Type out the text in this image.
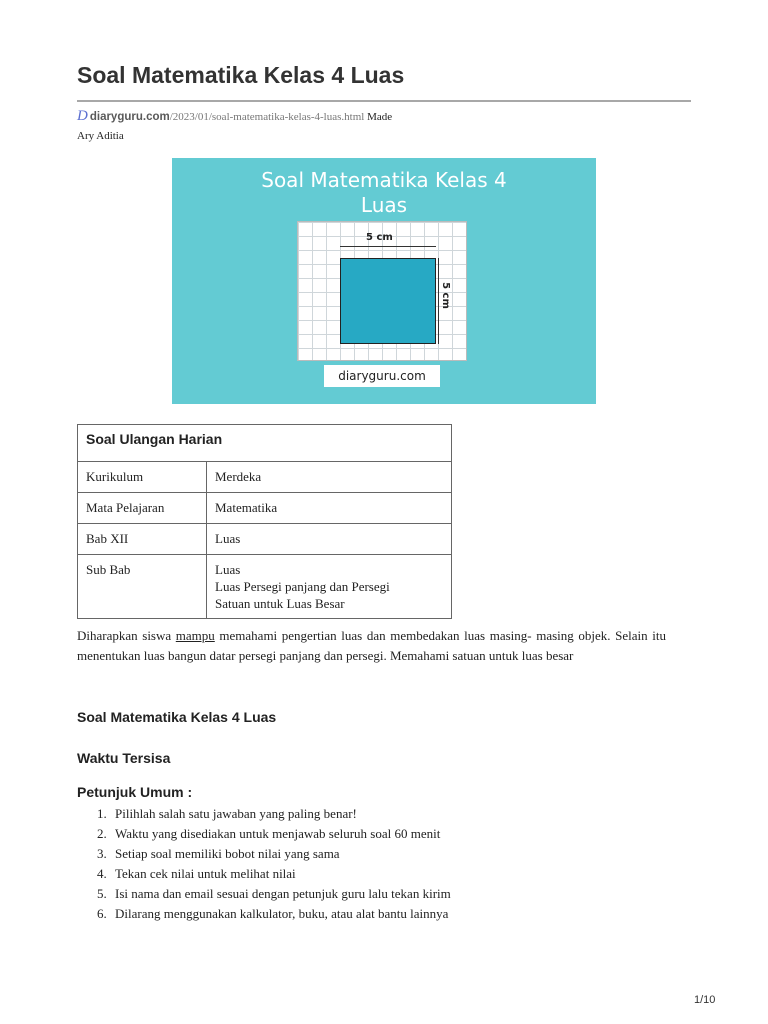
Soal Matematika Kelas 4 Luas
D diaryguru.com/2023/01/soal-matematika-kelas-4-luas.html Made
Ary Aditia
Soal Matematika Kelas 4
Luas
5 cm
5 cm
diaryguru.com
Soal Ulangan Harian	
Kurikulum	Merdeka
Mata Pelajaran	Matematika
Bab XII	Luas
Sub Bab	Luas
Luas Persegi panjang dan Persegi
Satuan untuk Luas Besar

Diharapkan siswa mampu memahami pengertian luas dan membedakan luas masing- masing objek. Selain itu menentukan luas bangun datar persegi panjang dan persegi. Memahami satuan untuk luas besar

Soal Matematika Kelas 4 Luas
Waktu Tersisa
Petunjuk Umum :
1. Pilihlah salah satu jawaban yang paling benar!
2. Waktu yang disediakan untuk menjawab seluruh soal 60 menit
3. Setiap soal memiliki bobot nilai yang sama
4. Tekan cek nilai untuk melihat nilai
5. Isi nama dan email sesuai dengan petunjuk guru lalu tekan kirim
6. Dilarang menggunakan kalkulator, buku, atau alat bantu lainnya
1/10
